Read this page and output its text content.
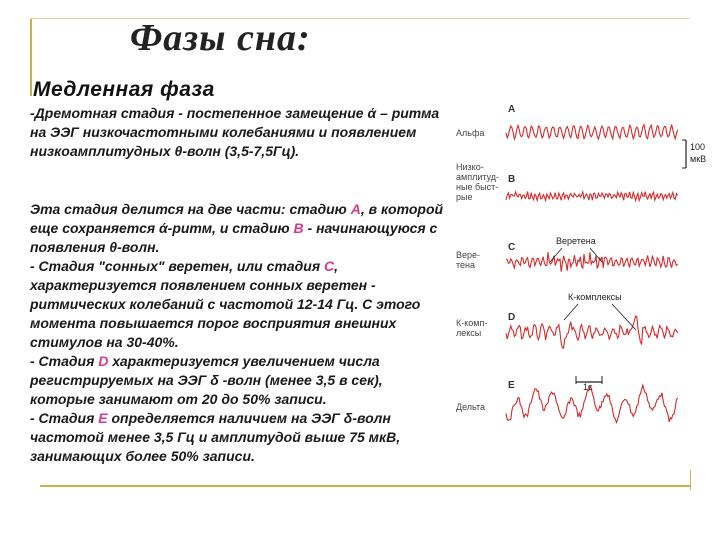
Фазы сна:
Медленная фаза
-Дремотная стадия - постепенное замещение ά – ритма на ЭЭГ низкочастотными колебаниями и появлением низкоамплитудных θ-волн (3,5-7,5Гц).
Эта стадия делится на две части: стадию A, в которой еще сохраняется ά-ритм, и стадию B - начинающуюся с появления θ-волн.
- Стадия "сонных" веретен, или стадия C, характеризуется появлением сонных веретен - ритмических колебаний с частотой 12-14 Гц. С этого момента повышается порог восприятия внешних стимулов на 30-40%.
- Стадия D характеризуется увеличением числа регистрируемых на ЭЭГ δ -волн (менее 3,5 в сек), которые занимают от 20 до 50% записи.
- Стадия E определяется наличием на ЭЭГ δ-волн частотой менее 3,5 Гц и амплитудой выше 75 мкВ, занимающих более 50% записи.
Альфа
A
Низко-
амплитуд-
ные быст-
рые
B
Вере-
тена
C
К-комп-
лексы
D
Дельта
E
100
мкВ
1с
Веретена
К-комплексы
